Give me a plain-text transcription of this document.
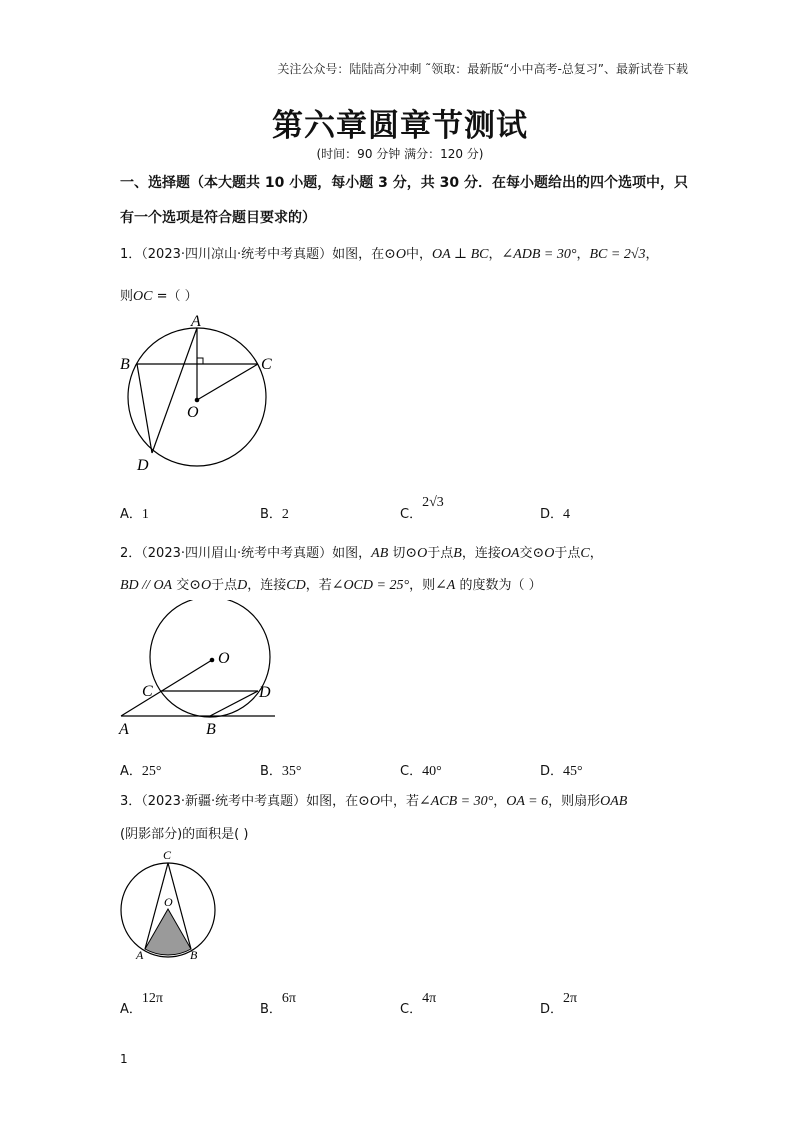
关注公众号：陆陆高分冲刺 ˜领取：最新版“小中高考-总复习”、最新试卷下载
第六章圆章节测试
(时间：90 分钟 满分：120 分)
一、选择题（本大题共 10 小题，每小题 3 分，共 30 分．在每小题给出的四个选项中，只
有一个选项是符合题目要求的）
1．（2023·四川凉山·统考中考真题）如图，在⊙O中，OA ⊥ BC，∠ADB = 30°，BC = 2√3，
则OC =（ ）
A
B	C
O
D
A．1	B．2	C．2√3
D．4
2．（2023·四川眉山·统考中考真题）如图，AB 切⊙O于点B，连接OA交⊙O于点C，
BD // OA 交⊙O于点D，连接CD，若∠OCD = 25°，则∠A 的度数为（ ）
O
C	D
A	B
A．25°	B．35°	C．40°	D．45°
3．（2023·新疆·统考中考真题）如图，在⊙O中，若∠ACB = 30°，OA = 6，则扇形OAB
(阴影部分)的面积是( )
C
O
A	B
A．12π
B．6π
C．4π
D．2π
1
